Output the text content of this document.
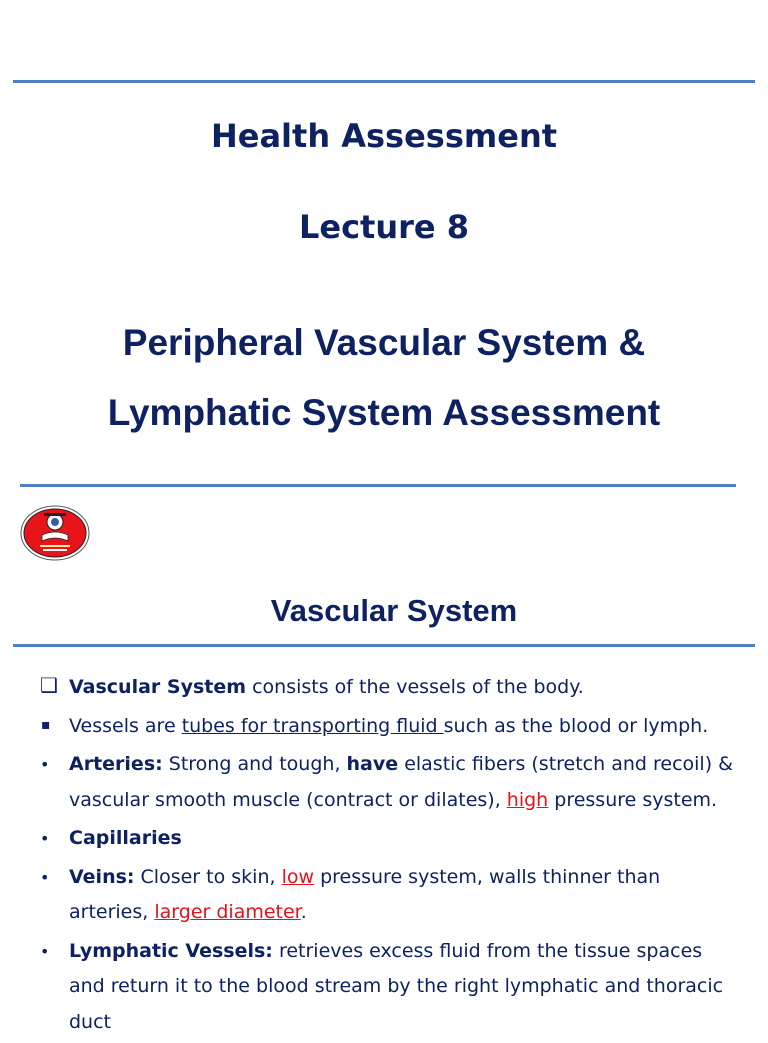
Health Assessment
Lecture 8
Peripheral Vascular System &
Lymphatic System Assessment
Vascular System
❑ Vascular System consists of the vessels of the body.
▪ Vessels are tubes for transporting fluid such as the blood or lymph.
• Arteries: Strong and tough, have elastic fibers (stretch and recoil) &
vascular smooth muscle (contract or dilates), high pressure system.
• Capillaries
• Veins: Closer to skin, low pressure system, walls thinner than
arteries, larger diameter.
• Lymphatic Vessels: retrieves excess fluid from the tissue spaces
and return it to the blood stream by the right lymphatic and thoracic
duct
